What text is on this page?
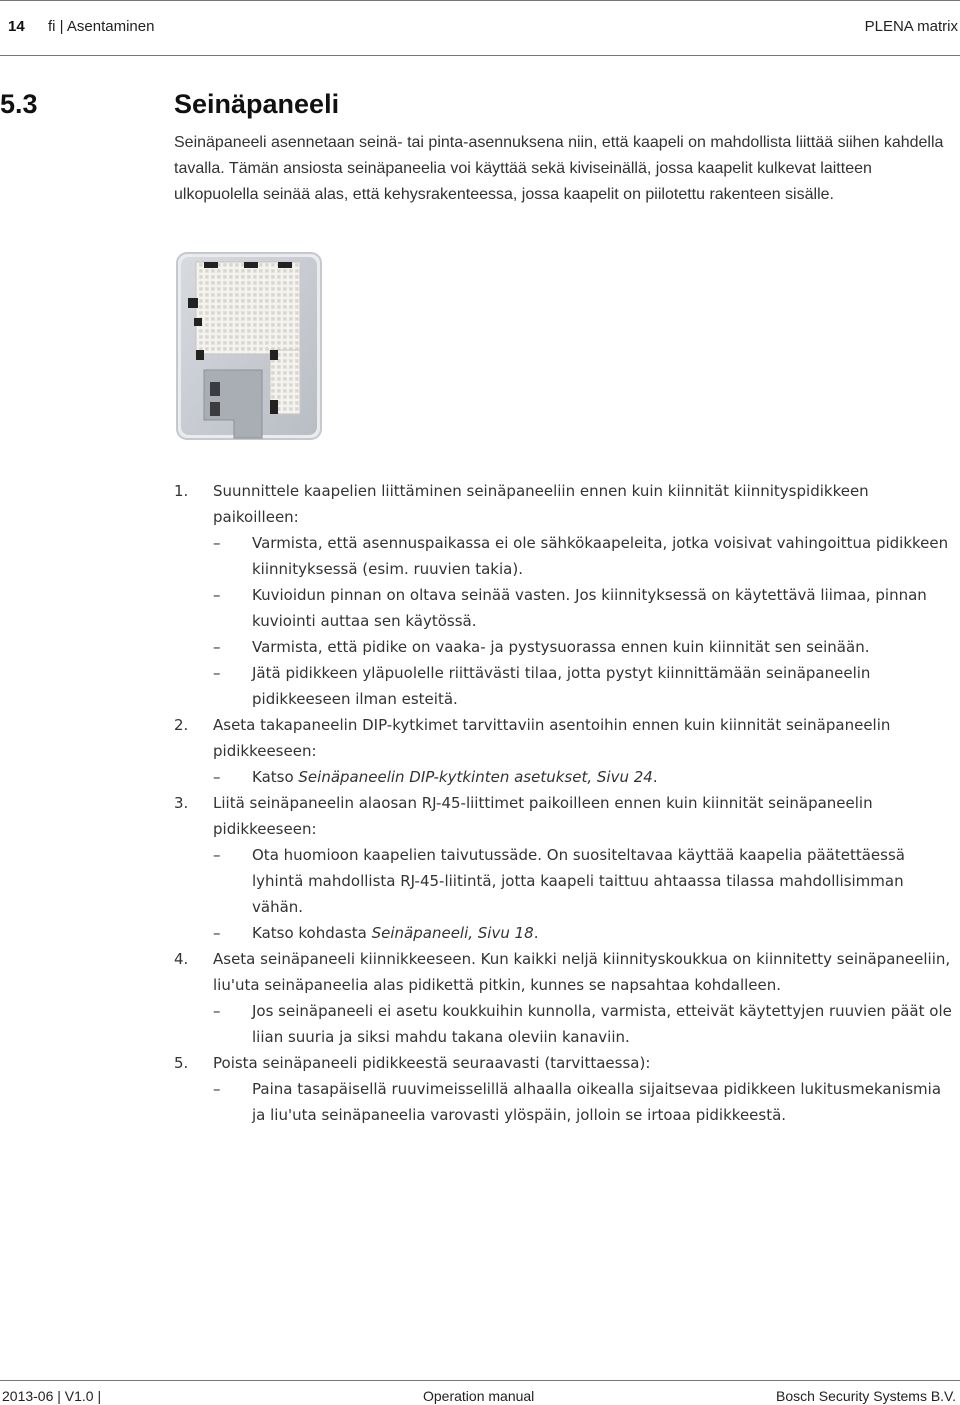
14 fi | Asentaminen	PLENA matrix
5.3	Seinäpaneeli

Seinäpaneeli asennetaan seinä- tai pinta-asennuksena niin, että kaapeli on mahdollista liittää siihen kahdella tavalla. Tämän ansiosta seinäpaneelia voi käyttää sekä kiviseinällä, jossa kaapelit kulkevat laitteen ulkopuolella seinää alas, että kehysrakenteessa, jossa kaapelit on piilotettu rakenteen sisälle.

1.	Suunnittele kaapelien liittäminen seinäpaneeliin ennen kuin kiinnität kiinnityspidikkeen paikoilleen:
–	Varmista, että asennuspaikassa ei ole sähkökaapeleita, jotka voisivat vahingoittua pidikkeen kiinnityksessä (esim. ruuvien takia).
–	Kuvioidun pinnan on oltava seinää vasten. Jos kiinnityksessä on käytettävä liimaa, pinnan kuviointi auttaa sen käytössä.
–	Varmista, että pidike on vaaka- ja pystysuorassa ennen kuin kiinnität sen seinään.
–	Jätä pidikkeen yläpuolelle riittävästi tilaa, jotta pystyt kiinnittämään seinäpaneelin pidikkeeseen ilman esteitä.
2.	Aseta takapaneelin DIP-kytkimet tarvittaviin asentoihin ennen kuin kiinnität seinäpaneelin pidikkeeseen:
–	Katso Seinäpaneelin DIP-kytkinten asetukset, Sivu 24.
3.	Liitä seinäpaneelin alaosan RJ-45-liittimet paikoilleen ennen kuin kiinnität seinäpaneelin pidikkeeseen:
–	Ota huomioon kaapelien taivutussäde. On suositeltavaa käyttää kaapelia päätettäessä lyhintä mahdollista RJ-45-liitintä, jotta kaapeli taittuu ahtaassa tilassa mahdollisimman vähän.
–	Katso kohdasta Seinäpaneeli, Sivu 18.
4.	Aseta seinäpaneeli kiinnikkeeseen. Kun kaikki neljä kiinnityskoukkua on kiinnitetty seinäpaneeliin, liu'uta seinäpaneelia alas pidikettä pitkin, kunnes se napsahtaa kohdalleen.
–	Jos seinäpaneeli ei asetu koukkuihin kunnolla, varmista, etteivät käytettyjen ruuvien päät ole liian suuria ja siksi mahdu takana oleviin kanaviin.
5.	Poista seinäpaneeli pidikkeestä seuraavasti (tarvittaessa):
–	Paina tasapäisellä ruuvimeisselillä alhaalla oikealla sijaitsevaa pidikkeen lukitusmekanismia ja liu'uta seinäpaneelia varovasti ylöspäin, jolloin se irtoaa pidikkeestä.
2013-06 | V1.0 |	Operation manual	Bosch Security Systems B.V.
